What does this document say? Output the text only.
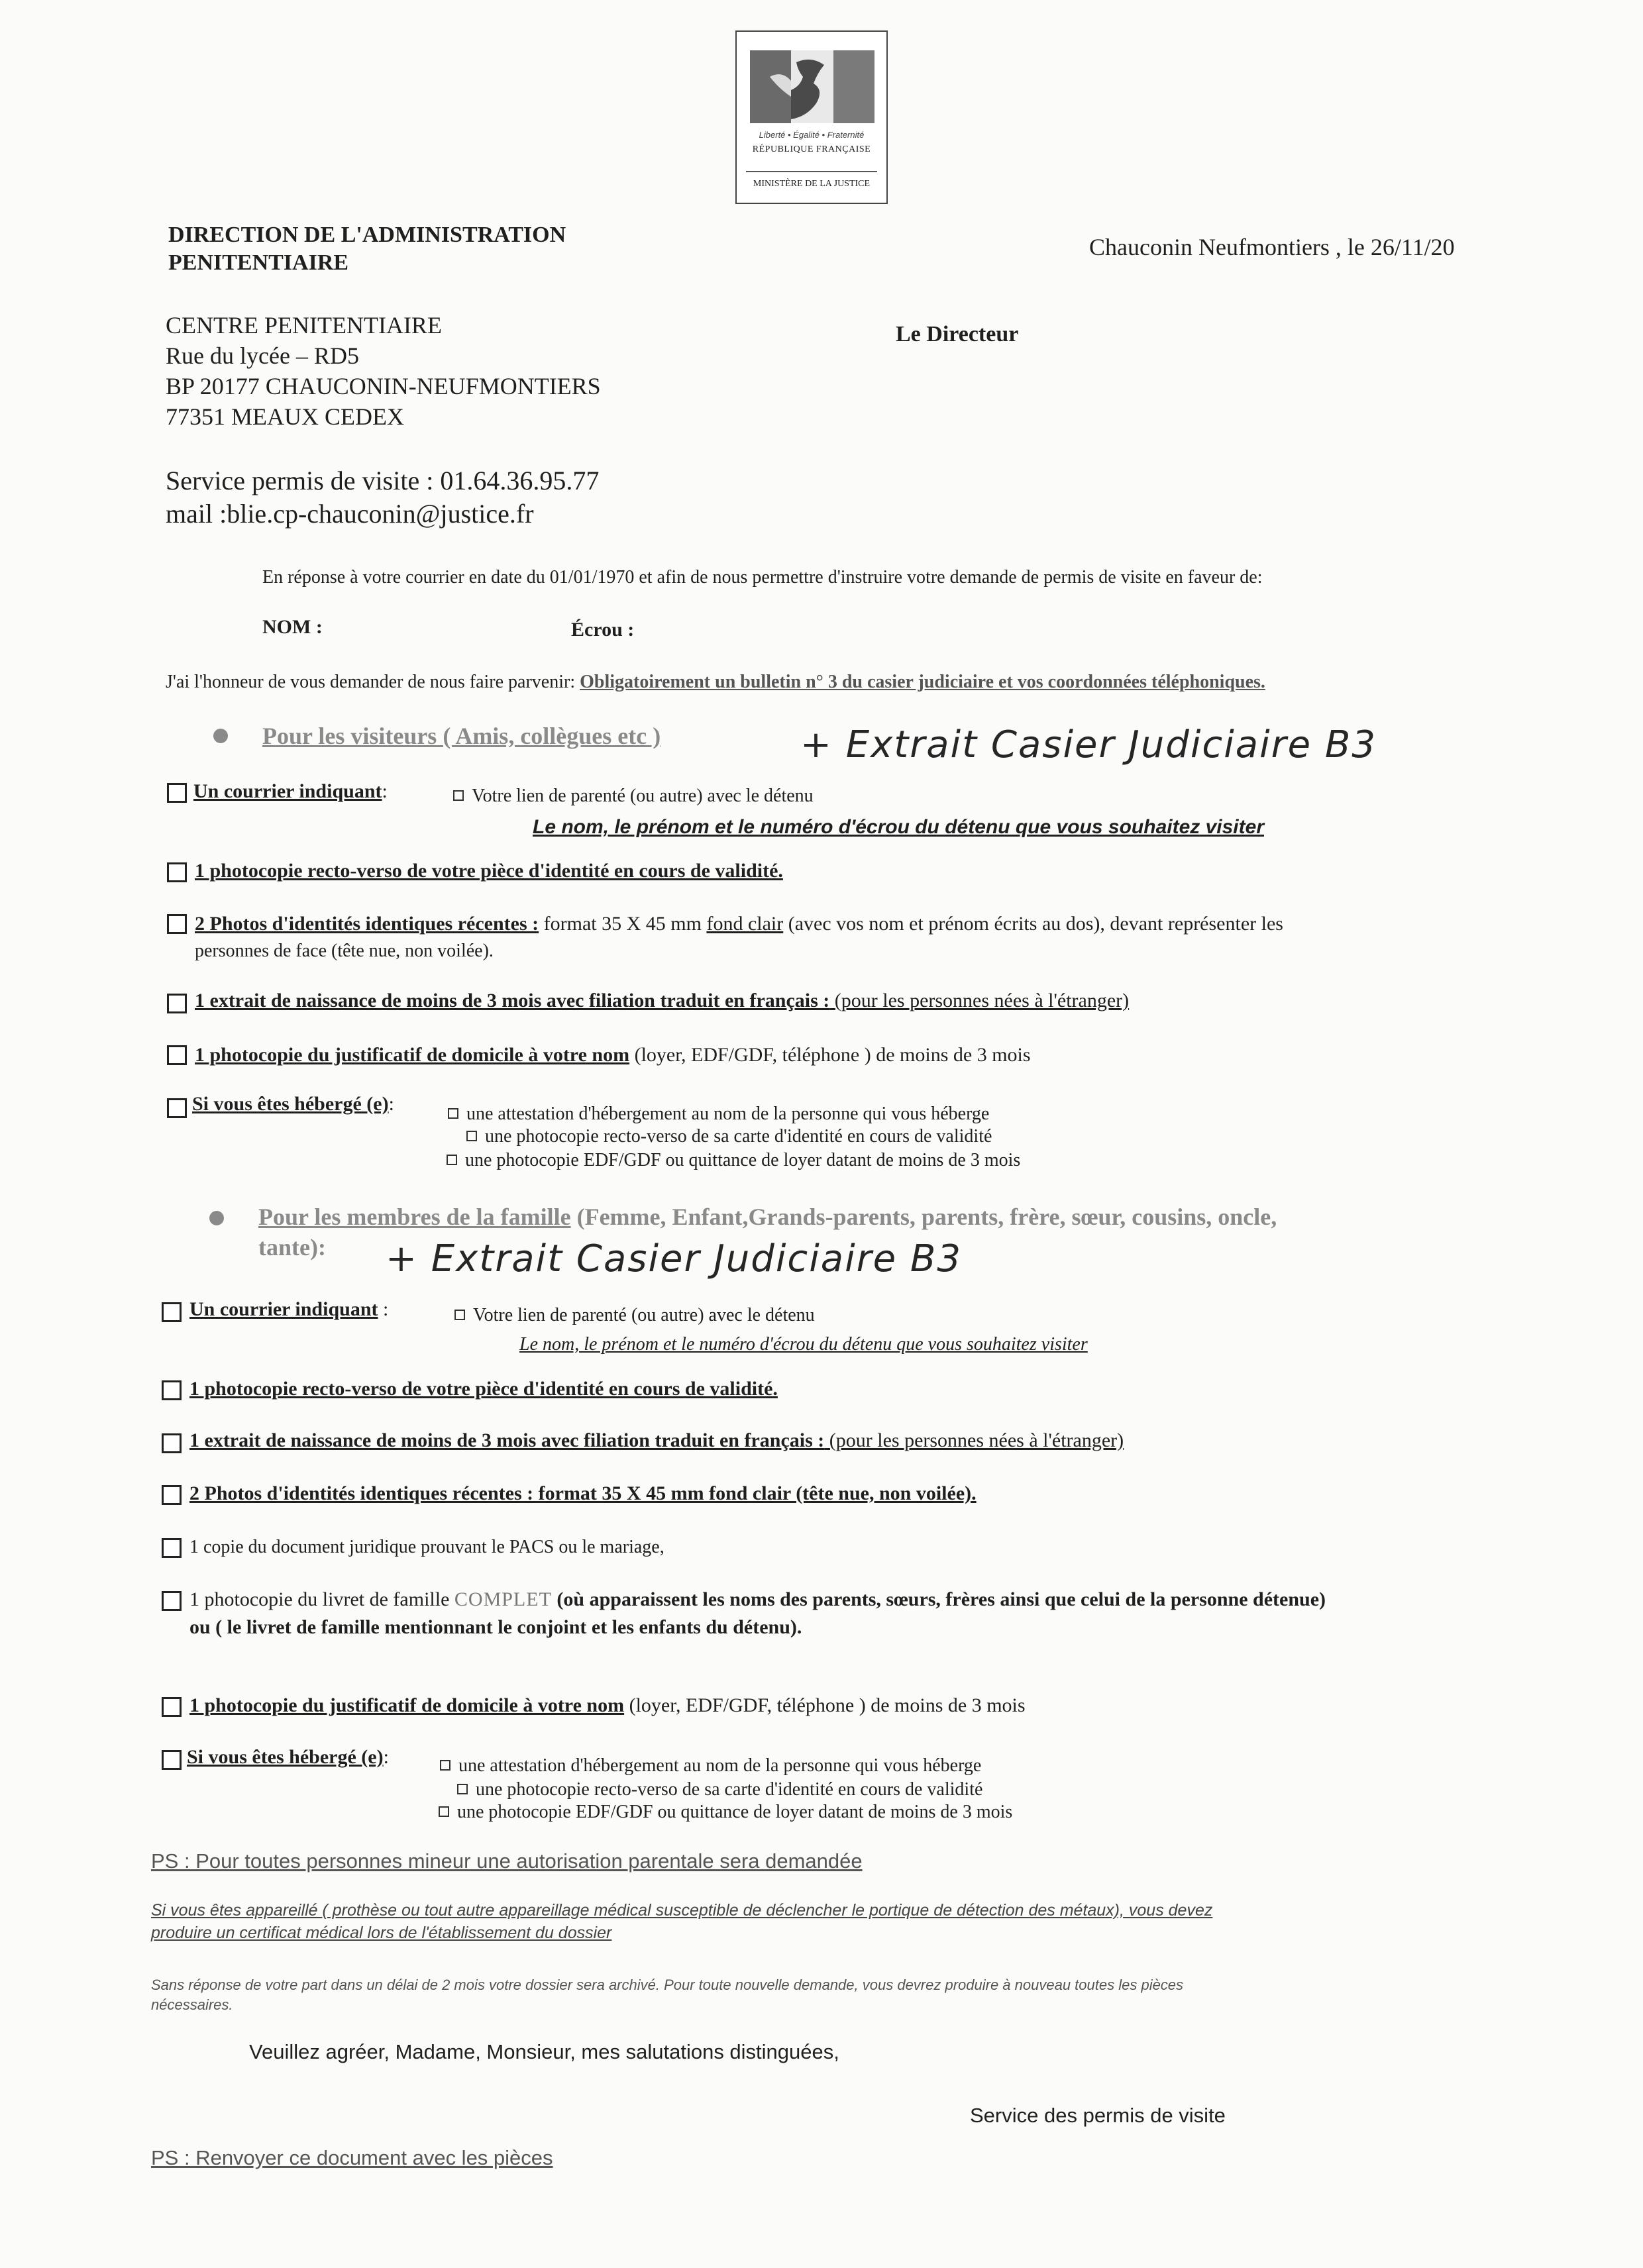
Liberté • Égalité • Fraternité
RÉPUBLIQUE FRANÇAISE
MINISTÈRE DE LA JUSTICE
DIRECTION DE L'ADMINISTRATION
PENITENTIAIRE
Chauconin Neufmontiers , le 26/11/20
CENTRE PENITENTIAIRE
Rue du lycée – RD5
BP 20177 CHAUCONIN-NEUFMONTIERS
77351 MEAUX CEDEX
Le Directeur
Service permis de visite : 01.64.36.95.77
mail :blie.cp-chauconin@justice.fr
En réponse à votre courrier en date du 01/01/1970 et afin de nous permettre d'instruire votre demande de permis de visite en faveur de:
NOM :	Écrou :
J'ai l'honneur de vous demander de nous faire parvenir: Obligatoirement un bulletin n° 3 du casier judiciaire et vos coordonnées téléphoniques.
Pour les visiteurs ( Amis, collègues etc )	+ Extrait Casier Judiciaire B3
Un courrier indiquant:	Votre lien de parenté (ou autre) avec le détenu
Le nom, le prénom et le numéro d'écrou du détenu que vous souhaitez visiter
1 photocopie recto-verso de votre pièce d'identité en cours de validité.
2 Photos d'identités identiques récentes : format 35 X 45 mm fond clair (avec vos nom et prénom écrits au dos), devant représenter les
personnes de face (tête nue, non voilée).
1 extrait de naissance de moins de 3 mois avec filiation traduit en français : (pour les personnes nées à l'étranger)
1 photocopie du justificatif de domicile à votre nom (loyer, EDF/GDF, téléphone ) de moins de 3 mois
Si vous êtes hébergé (e):	une attestation d'hébergement au nom de la personne qui vous héberge
une photocopie recto-verso de sa carte d'identité en cours de validité
une photocopie EDF/GDF ou quittance de loyer datant de moins de 3 mois
Pour les membres de la famille (Femme, Enfant,Grands-parents, parents, frère, sœur, cousins, oncle,
tante): + Extrait Casier Judiciaire B3
Un courrier indiquant :	Votre lien de parenté (ou autre) avec le détenu
Le nom, le prénom et le numéro d'écrou du détenu que vous souhaitez visiter
1 photocopie recto-verso de votre pièce d'identité en cours de validité.
1 extrait de naissance de moins de 3 mois avec filiation traduit en français : (pour les personnes nées à l'étranger)
2 Photos d'identités identiques récentes : format 35 X 45 mm fond clair (tête nue, non voilée).
1 copie du document juridique prouvant le PACS ou le mariage,
1 photocopie du livret de famille COMPLET (où apparaissent les noms des parents, sœurs, frères ainsi que celui de la personne détenue)
ou ( le livret de famille mentionnant le conjoint et les enfants du détenu).
1 photocopie du justificatif de domicile à votre nom (loyer, EDF/GDF, téléphone ) de moins de 3 mois
Si vous êtes hébergé (e):	une attestation d'hébergement au nom de la personne qui vous héberge
une photocopie recto-verso de sa carte d'identité en cours de validité
une photocopie EDF/GDF ou quittance de loyer datant de moins de 3 mois
PS : Pour toutes personnes mineur une autorisation parentale sera demandée
Si vous êtes appareillé ( prothèse ou tout autre appareillage médical susceptible de déclencher le portique de détection des métaux), vous devez
produire un certificat médical lors de l'établissement du dossier
Sans réponse de votre part dans un délai de 2 mois votre dossier sera archivé. Pour toute nouvelle demande, vous devrez produire à nouveau toutes les pièces
nécessaires.
Veuillez agréer, Madame, Monsieur, mes salutations distinguées,
Service des permis de visite
PS : Renvoyer ce document avec les pièces
